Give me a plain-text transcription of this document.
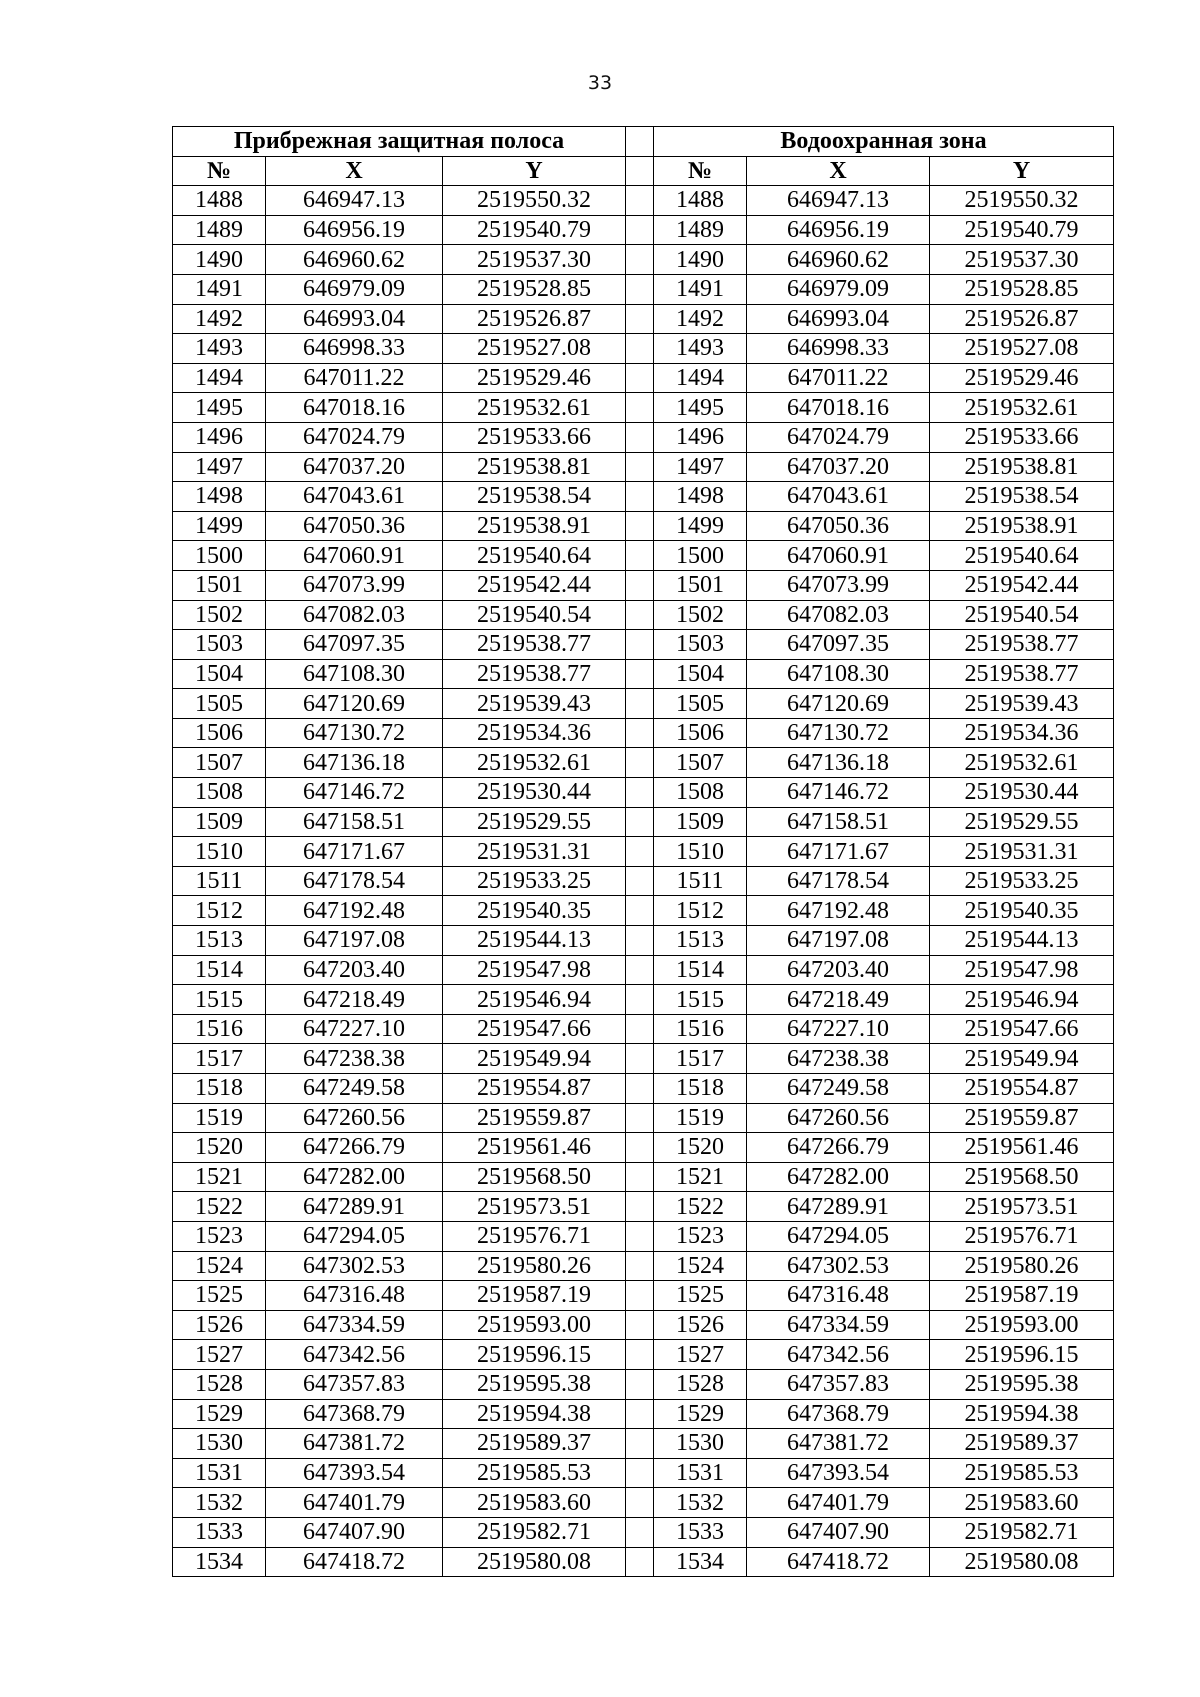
33
Прибрежная защитная полоса				Водоохранная зона		
№	X	Y		№	X	Y
1488	646947.13	2519550.32		1488	646947.13	2519550.32
1489	646956.19	2519540.79		1489	646956.19	2519540.79
1490	646960.62	2519537.30		1490	646960.62	2519537.30
1491	646979.09	2519528.85		1491	646979.09	2519528.85
1492	646993.04	2519526.87		1492	646993.04	2519526.87
1493	646998.33	2519527.08		1493	646998.33	2519527.08
1494	647011.22	2519529.46		1494	647011.22	2519529.46
1495	647018.16	2519532.61		1495	647018.16	2519532.61
1496	647024.79	2519533.66		1496	647024.79	2519533.66
1497	647037.20	2519538.81		1497	647037.20	2519538.81
1498	647043.61	2519538.54		1498	647043.61	2519538.54
1499	647050.36	2519538.91		1499	647050.36	2519538.91
1500	647060.91	2519540.64		1500	647060.91	2519540.64
1501	647073.99	2519542.44		1501	647073.99	2519542.44
1502	647082.03	2519540.54		1502	647082.03	2519540.54
1503	647097.35	2519538.77		1503	647097.35	2519538.77
1504	647108.30	2519538.77		1504	647108.30	2519538.77
1505	647120.69	2519539.43		1505	647120.69	2519539.43
1506	647130.72	2519534.36		1506	647130.72	2519534.36
1507	647136.18	2519532.61		1507	647136.18	2519532.61
1508	647146.72	2519530.44		1508	647146.72	2519530.44
1509	647158.51	2519529.55		1509	647158.51	2519529.55
1510	647171.67	2519531.31		1510	647171.67	2519531.31
1511	647178.54	2519533.25		1511	647178.54	2519533.25
1512	647192.48	2519540.35		1512	647192.48	2519540.35
1513	647197.08	2519544.13		1513	647197.08	2519544.13
1514	647203.40	2519547.98		1514	647203.40	2519547.98
1515	647218.49	2519546.94		1515	647218.49	2519546.94
1516	647227.10	2519547.66		1516	647227.10	2519547.66
1517	647238.38	2519549.94		1517	647238.38	2519549.94
1518	647249.58	2519554.87		1518	647249.58	2519554.87
1519	647260.56	2519559.87		1519	647260.56	2519559.87
1520	647266.79	2519561.46		1520	647266.79	2519561.46
1521	647282.00	2519568.50		1521	647282.00	2519568.50
1522	647289.91	2519573.51		1522	647289.91	2519573.51
1523	647294.05	2519576.71		1523	647294.05	2519576.71
1524	647302.53	2519580.26		1524	647302.53	2519580.26
1525	647316.48	2519587.19		1525	647316.48	2519587.19
1526	647334.59	2519593.00		1526	647334.59	2519593.00
1527	647342.56	2519596.15		1527	647342.56	2519596.15
1528	647357.83	2519595.38		1528	647357.83	2519595.38
1529	647368.79	2519594.38		1529	647368.79	2519594.38
1530	647381.72	2519589.37		1530	647381.72	2519589.37
1531	647393.54	2519585.53		1531	647393.54	2519585.53
1532	647401.79	2519583.60		1532	647401.79	2519583.60
1533	647407.90	2519582.71		1533	647407.90	2519582.71
1534	647418.72	2519580.08		1534	647418.72	2519580.08
